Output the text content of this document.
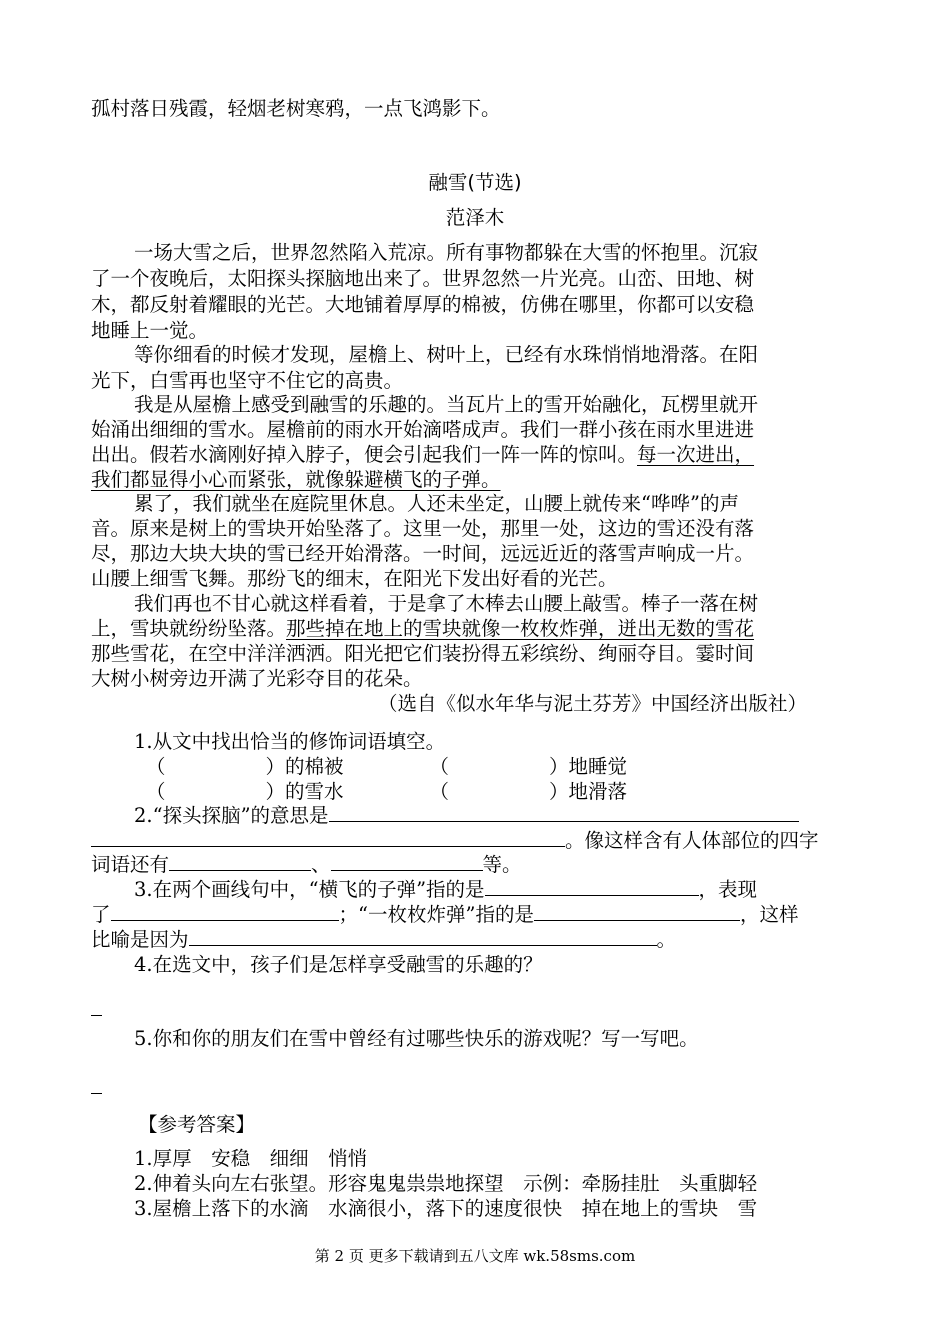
孤村落日残霞，轻烟老树寒鸦，一点飞鸿影下。
融雪(节选)
范泽木
一场大雪之后，世界忽然陷入荒凉。所有事物都躲在大雪的怀抱里。沉寂
了一个夜晚后，太阳探头探脑地出来了。世界忽然一片光亮。山峦、田地、树
木，都反射着耀眼的光芒。大地铺着厚厚的棉被，仿佛在哪里，你都可以安稳
地睡上一觉。
等你细看的时候才发现，屋檐上、树叶上，已经有水珠悄悄地滑落。在阳
光下，白雪再也坚守不住它的高贵。
我是从屋檐上感受到融雪的乐趣的。当瓦片上的雪开始融化，瓦楞里就开
始涌出细细的雪水。屋檐前的雨水开始滴嗒成声。我们一群小孩在雨水里进进
出出。假若水滴刚好掉入脖子，便会引起我们一阵一阵的惊叫。每一次进出，
我们都显得小心而紧张，就像躲避横飞的子弹。
累了，我们就坐在庭院里休息。人还未坐定，山腰上就传来“哗哗”的声
音。原来是树上的雪块开始坠落了。这里一处，那里一处，这边的雪还没有落
尽，那边大块大块的雪已经开始滑落。一时间，远远近近的落雪声响成一片。
山腰上细雪飞舞。那纷飞的细末，在阳光下发出好看的光芒。
我们再也不甘心就这样看着，于是拿了木棒去山腰上敲雪。棒子一落在树
上，雪块就纷纷坠落。那些掉在地上的雪块就像一枚枚炸弹，迸出无数的雪花
那些雪花，在空中洋洋洒洒。阳光把它们装扮得五彩缤纷、绚丽夺目。霎时间
大树小树旁边开满了光彩夺目的花朵。
（选自《似水年华与泥土芬芳》中国经济出版社）
1.从文中找出恰当的修饰词语填空。
（	）的棉被	（	）地睡觉
（	）的雪水	（	）地滑落
2.“探头探脑”的意思是
。像这样含有人体部位的四字
词语还有	、	等。
3.在两个画线句中，“横飞的子弹”指的是	，表现
了	；“一枚枚炸弹”指的是	，这样
比喻是因为	。
4.在选文中，孩子们是怎样享受融雪的乐趣的？
5.你和你的朋友们在雪中曾经有过哪些快乐的游戏呢？写一写吧。
【参考答案】
1.厚厚　安稳　细细　悄悄
2.伸着头向左右张望。形容鬼鬼祟祟地探望　示例：牵肠挂肚　头重脚轻
3.屋檐上落下的水滴　水滴很小，落下的速度很快　掉在地上的雪块　雪
第 2 页 更多下载请到五八文库 wk.58sms.com
